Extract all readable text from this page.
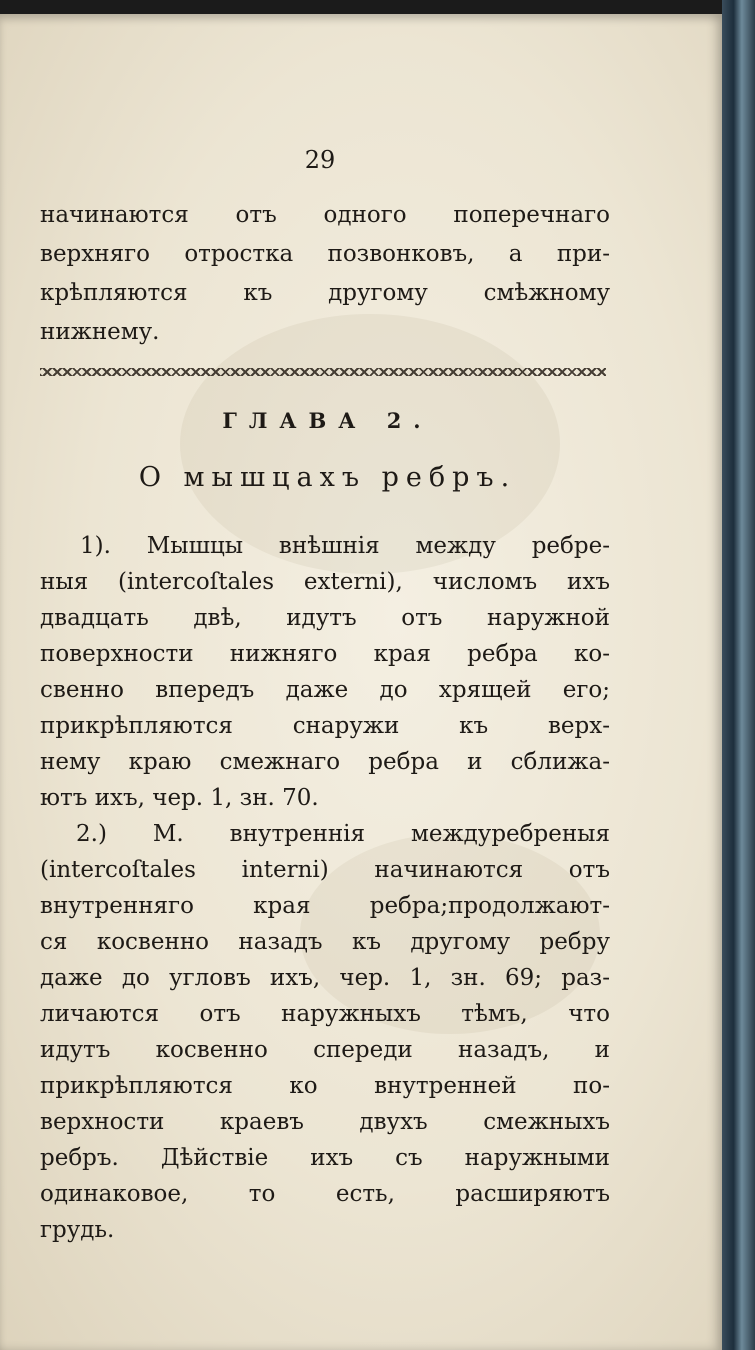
29
начинаются отъ одного поперечнаго
верхняго отростка позвонковъ, а при-
крѣпляются къ другому смѣжному
нижнему.
ГЛАВА 2.
О мышцахъ ребръ.
1). Мышцы внѣшнія между ребре-
ныя (intercoſtales externi), числомъ ихъ
двадцать двѣ, идутъ отъ наружной
поверхности нижняго края ребра ко-
свенно впередъ даже до хрящей его;
прикрѣпляются снаружи къ верх-
нему краю смежнаго ребра и сближа-
ютъ ихъ, чер. 1, зн. 70.
2.) М. внутреннія междуребреныя
(intercoſtales interni) начинаются отъ
внутренняго края ребра;продолжают-
ся косвенно назадъ къ другому ребру
даже до угловъ ихъ, чер. 1, зн. 69; раз-
личаются отъ наружныхъ тѣмъ, что
идутъ косвенно спереди назадъ, и
прикрѣпляются ко внутренней по-
верхности краевъ двухъ смежныхъ
ребръ. Дѣйствіе ихъ съ наружными
одинаковое, то есть, расширяютъ
грудь.
